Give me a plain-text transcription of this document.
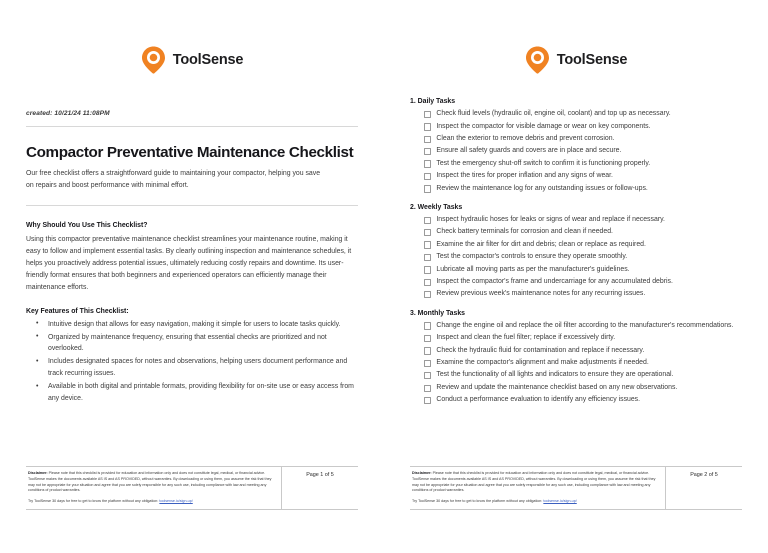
ToolSense
created: 10/21/24 11:08PM
Compactor Preventative Maintenance Checklist

Our free checklist offers a straightforward guide to maintaining your compactor, helping you save on repairs and boost performance with minimal effort.

Why Should You Use This Checklist?

Using this compactor preventative maintenance checklist streamlines your maintenance routine, making it easy to follow and implement essential tasks. By clearly outlining inspection and maintenance schedules, it helps you proactively address potential issues, ultimately reducing costly repairs and downtime. Its user-friendly format ensures that both beginners and experienced operators can efficiently manage their maintenance efforts.

Key Features of This Checklist:
• Intuitive design that allows for easy navigation, making it simple for users to locate tasks quickly.
• Organized by maintenance frequency, ensuring that essential checks are prioritized and not overlooked.
• Includes designated spaces for notes and observations, helping users document performance and track recurring issues.
• Available in both digital and printable formats, providing flexibility for on-site use or easy access from any device.

Disclaimer: Please note that this checklist is provided for education and information only and does not constitute legal, medical, or financial advice. ToolSense makes the documents available AS IS and AS PROVIDED, without warranties. By downloading or using them, you assume the risk that they may not be appropriate for your situation and agree that you are solely responsible for any such use, including compliance with law and meeting any conditions of product warranties.

Try ToolSense 30 days for free to get to know the platform without any obligation: toolsense.io/sign-up/

Page 1 of 5
ToolSense
1. Daily Tasks
Check fluid levels (hydraulic oil, engine oil, coolant) and top up as necessary.
Inspect the compactor for visible damage or wear on key components.
Clean the exterior to remove debris and prevent corrosion.
Ensure all safety guards and covers are in place and secure.
Test the emergency shut-off switch to confirm it is functioning properly.
Inspect the tires for proper inflation and any signs of wear.
Review the maintenance log for any outstanding issues or follow-ups.
2. Weekly Tasks
Inspect hydraulic hoses for leaks or signs of wear and replace if necessary.
Check battery terminals for corrosion and clean if needed.
Examine the air filter for dirt and debris; clean or replace as required.
Test the compactor's controls to ensure they operate smoothly.
Lubricate all moving parts as per the manufacturer's guidelines.
Inspect the compactor's frame and undercarriage for any accumulated debris.
Review previous week's maintenance notes for any recurring issues.
3. Monthly Tasks
Change the engine oil and replace the oil filter according to the manufacturer's recommendations.
Inspect and clean the fuel filter; replace if excessively dirty.
Check the hydraulic fluid for contamination and replace if necessary.
Examine the compactor's alignment and make adjustments if needed.
Test the functionality of all lights and indicators to ensure they are operational.
Review and update the maintenance checklist based on any new observations.
Conduct a performance evaluation to identify any efficiency issues.

Disclaimer: Please note that this checklist is provided for education and information only and does not constitute legal, medical, or financial advice. ToolSense makes the documents available AS IS and AS PROVIDED, without warranties. By downloading or using them, you assume the risk that they may not be appropriate for your situation and agree that you are solely responsible for any such use, including compliance with law and meeting any conditions of product warranties.

Try ToolSense 30 days for free to get to know the platform without any obligation: toolsense.io/sign-up/

Page 2 of 5
